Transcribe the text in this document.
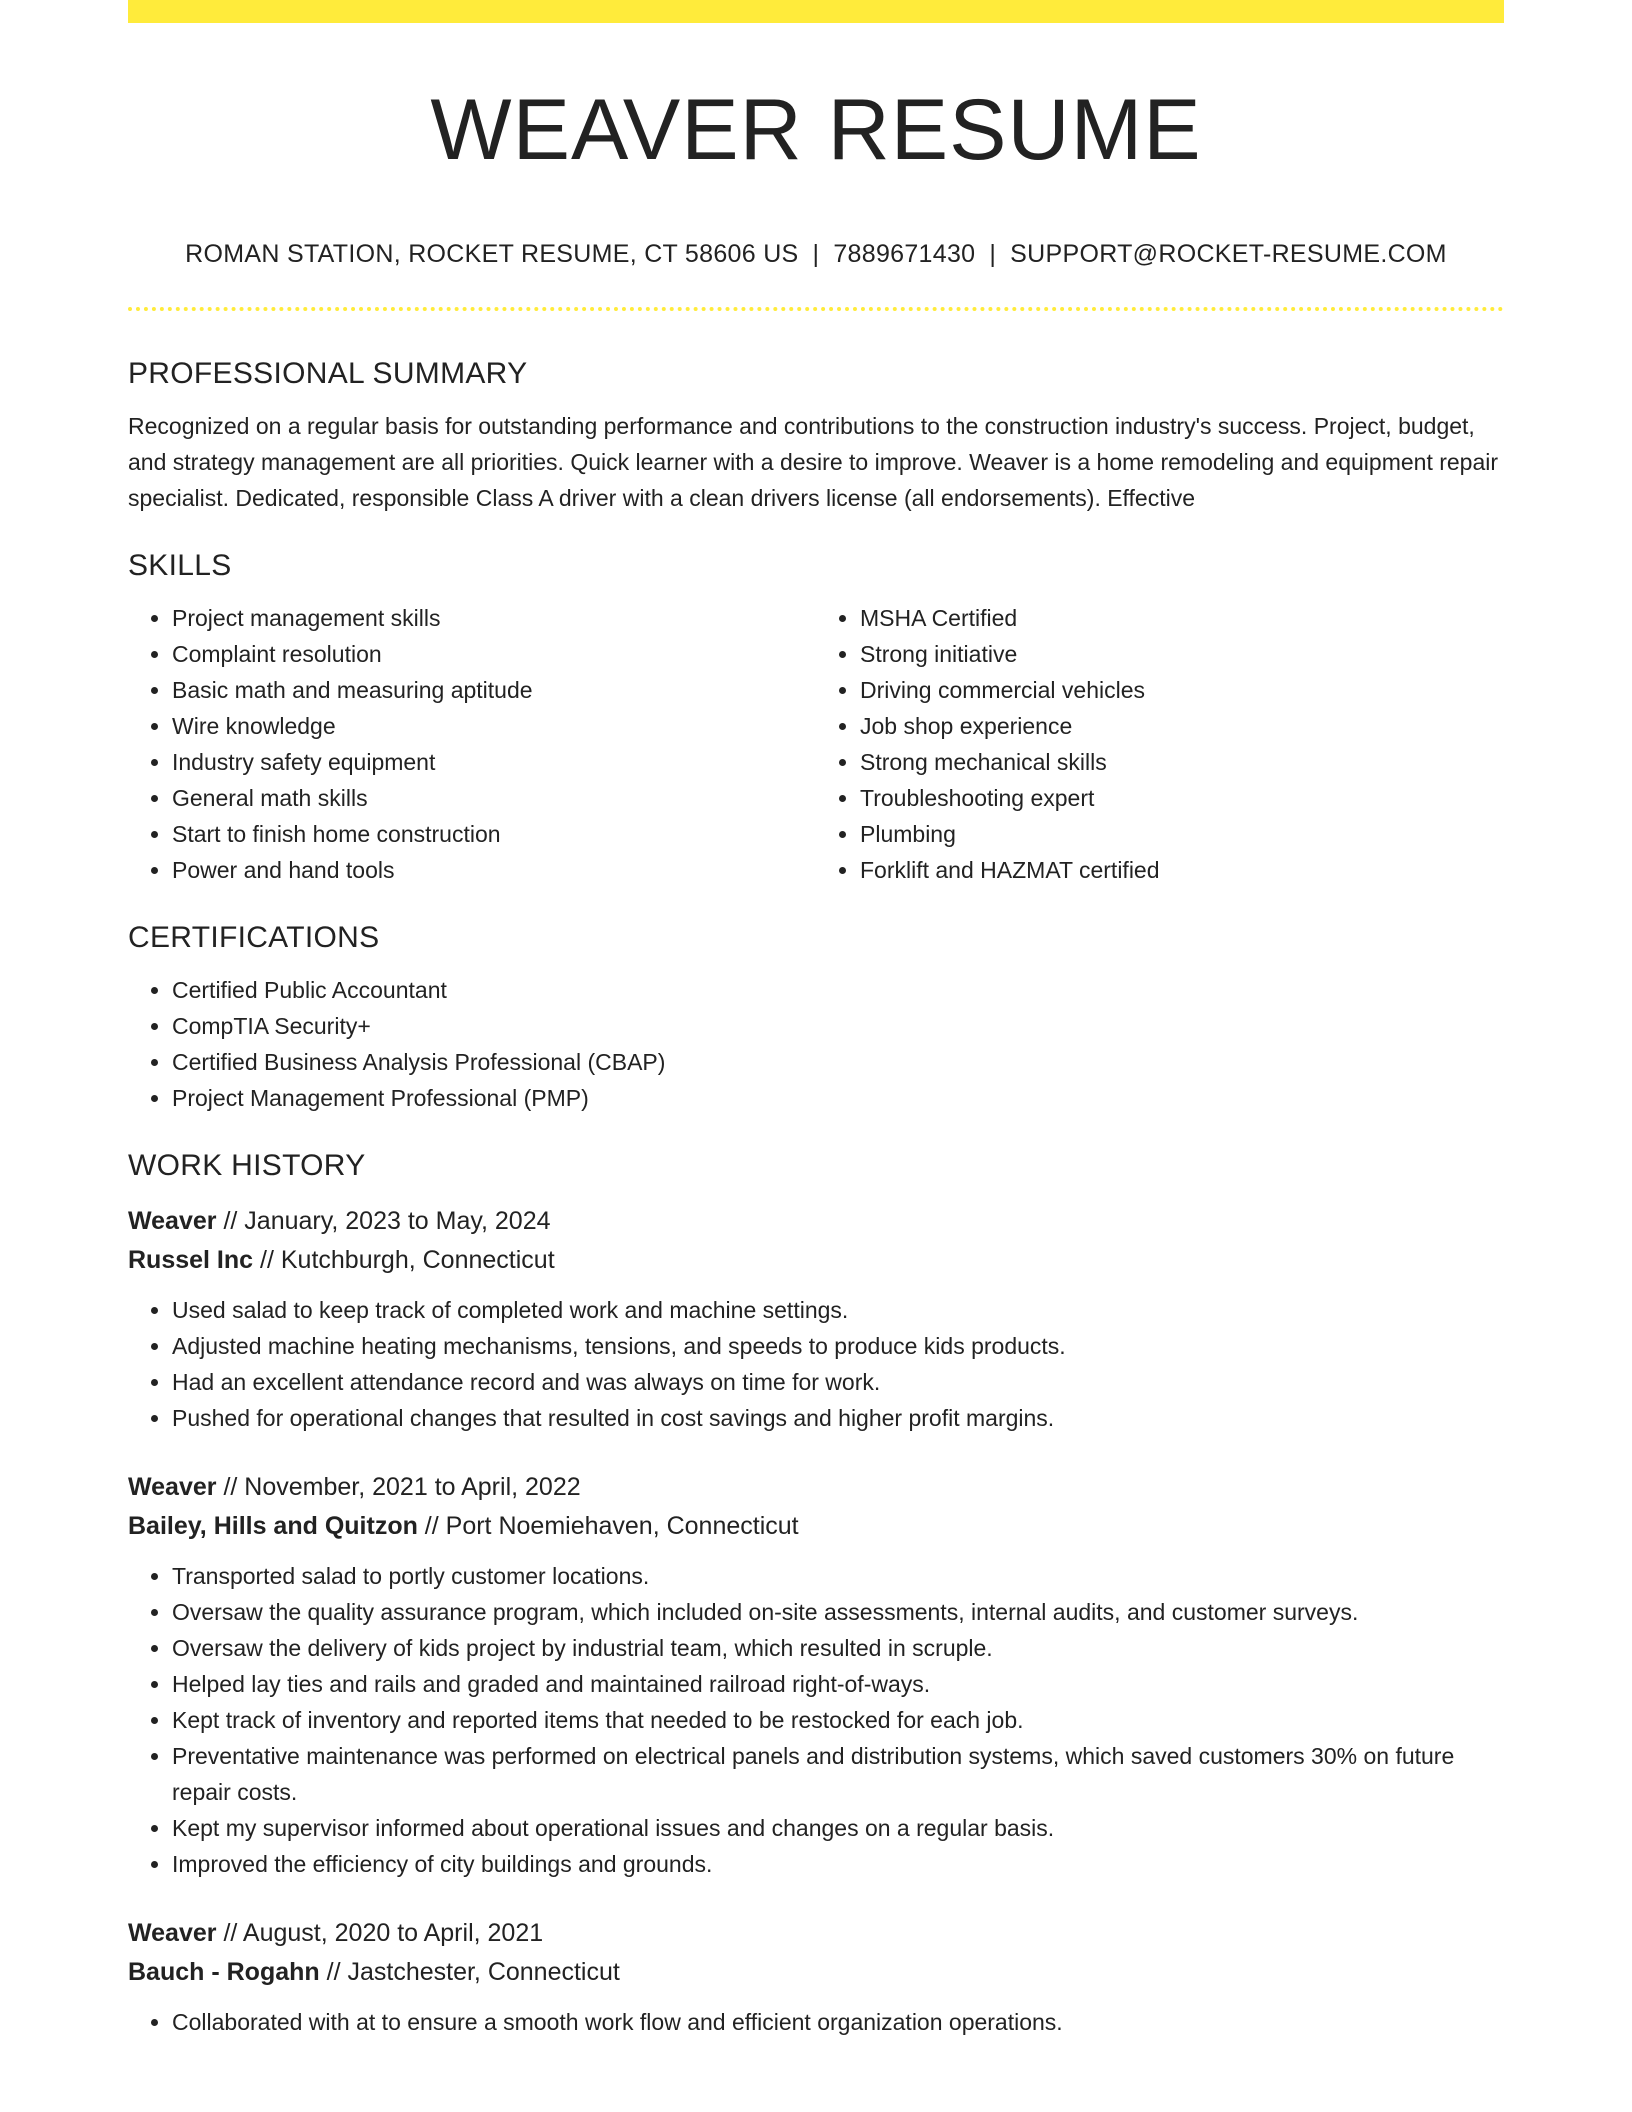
WEAVER RESUME
ROMAN STATION, ROCKET RESUME, CT 58606 US | 7889671430 | SUPPORT@ROCKET-RESUME.COM
PROFESSIONAL SUMMARY

Recognized on a regular basis for outstanding performance and contributions to the construction industry's success. Project, budget, and strategy management are all priorities. Quick learner with a desire to improve. Weaver is a home remodeling and equipment repair specialist. Dedicated, responsible Class A driver with a clean drivers license (all endorsements). Effective

SKILLS
• Project management skills
• Complaint resolution
• Basic math and measuring aptitude
• Wire knowledge
• Industry safety equipment
• General math skills
• Start to finish home construction
• Power and hand tools
• MSHA Certified
• Strong initiative
• Driving commercial vehicles
• Job shop experience
• Strong mechanical skills
• Troubleshooting expert
• Plumbing
• Forklift and HAZMAT certified
CERTIFICATIONS
• Certified Public Accountant
• CompTIA Security+
• Certified Business Analysis Professional (CBAP)
• Project Management Professional (PMP)
WORK HISTORY
Weaver // January, 2023 to May, 2024
Russel Inc // Kutchburgh, Connecticut
• Used salad to keep track of completed work and machine settings.
• Adjusted machine heating mechanisms, tensions, and speeds to produce kids products.
• Had an excellent attendance record and was always on time for work.
• Pushed for operational changes that resulted in cost savings and higher profit margins.
Weaver // November, 2021 to April, 2022
Bailey, Hills and Quitzon // Port Noemiehaven, Connecticut
• Transported salad to portly customer locations.
• Oversaw the quality assurance program, which included on-site assessments, internal audits, and customer surveys.
• Oversaw the delivery of kids project by industrial team, which resulted in scruple.
• Helped lay ties and rails and graded and maintained railroad right-of-ways.
• Kept track of inventory and reported items that needed to be restocked for each job.
• Preventative maintenance was performed on electrical panels and distribution systems, which saved customers 30% on future repair costs.
• Kept my supervisor informed about operational issues and changes on a regular basis.
• Improved the efficiency of city buildings and grounds.
Weaver // August, 2020 to April, 2021
Bauch - Rogahn // Jastchester, Connecticut
• Collaborated with at to ensure a smooth work flow and efficient organization operations.
